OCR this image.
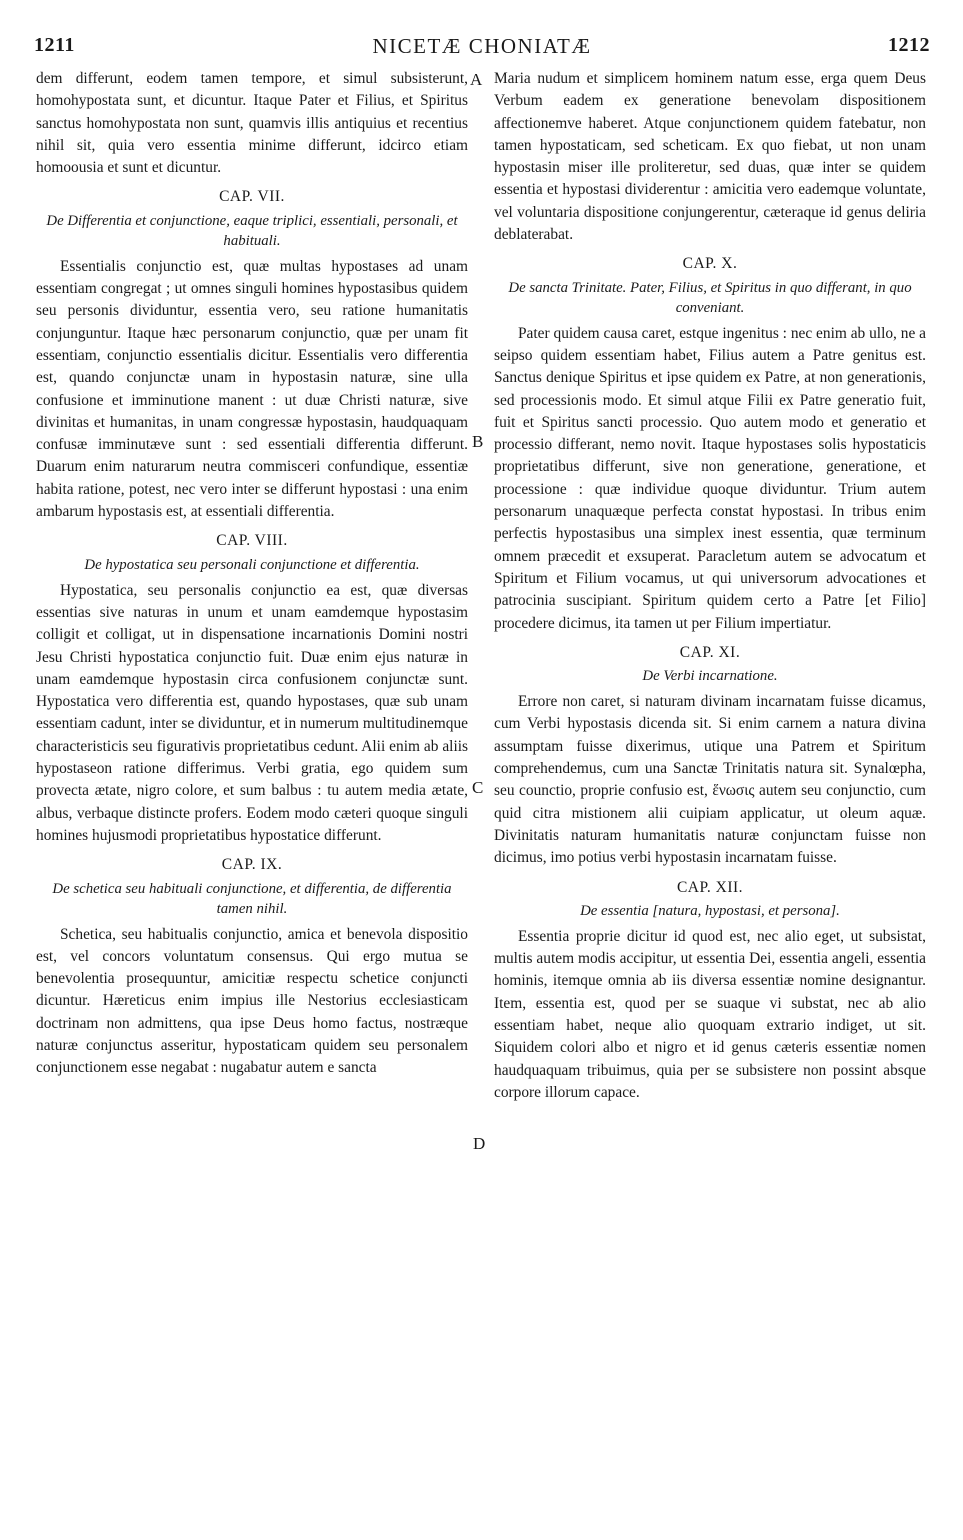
1211	NICETÆ CHONIATÆ	1212
A
B
C
D

dem differunt, eodem tamen tempore, et simul subsisterunt, homohypostata sunt, et dicuntur. Itaque Pater et Filius, et Spiritus sanctus homohypostata non sunt, quamvis illis antiquius et recentius nihil sit, quia vero essentia minime differunt, idcirco etiam homoousia et sunt et dicuntur.

CAP. VII.
De Differentia et conjunctione, eaque triplici, essentiali, personali, et habituali.

Essentialis conjunctio est, quæ multas hypostases ad unam essentiam congregat ; ut omnes singuli homines hypostasibus quidem seu personis dividuntur, essentia vero, seu ratione humanitatis conjunguntur. Itaque hæc personarum conjunctio, quæ per unam fit essentiam, conjunctio essentialis dicitur. Essentialis vero differentia est, quando conjunctæ unam in hypostasin naturæ, sine ulla confusione et imminutione manent : ut duæ Christi naturæ, sive divinitas et humanitas, in unam congressæ hypostasin, haudquaquam confusæ imminutæve sunt : sed essentiali differentia differunt. Duarum enim naturarum neutra commisceri confundique, essentiæ habita ratione, potest, nec vero inter se differunt hypostasi : una enim ambarum hypostasis est, at essentiali differentia.

CAP. VIII.
De hypostatica seu personali conjunctione et differentia.

Hypostatica, seu personalis conjunctio ea est, quæ diversas essentias sive naturas in unum et unam eamdemque hypostasim colligit et colligat, ut in dispensatione incarnationis Domini nostri Jesu Christi hypostatica conjunctio fuit. Duæ enim ejus naturæ in unam eamdemque hypostasin circa confusionem conjunctæ sunt. Hypostatica vero differentia est, quando hypostases, quæ sub unam essentiam cadunt, inter se dividuntur, et in numerum multitudinemque characteristicis seu figurativis proprietatibus cedunt. Alii enim ab aliis hypostaseon ratione differimus. Verbi gratia, ego quidem sum provecta ætate, nigro colore, et sum balbus : tu autem media ætate, albus, verbaque distincte profers. Eodem modo cæteri quoque singuli homines hujusmodi proprietatibus hypostatice differunt.

CAP. IX.
De schetica seu habituali conjunctione, et differentia, de differentia tamen nihil.

Schetica, seu habitualis conjunctio, amica et benevola dispositio est, vel concors voluntatum consensus. Qui ergo mutua se benevolentia prosequuntur, amicitiæ respectu schetice conjuncti dicuntur. Hæreticus enim impius ille Nestorius ecclesiasticam doctrinam non admittens, qua ipse Deus homo factus, nostræque naturæ conjunctus asseritur, hypostaticam quidem seu personalem conjunctionem esse negabat : nugabatur autem e sancta

Maria nudum et simplicem hominem natum esse, erga quem Deus Verbum eadem ex generatione benevolam dispositionem affectionemve haberet. Atque conjunctionem quidem fatebatur, non tamen hypostaticam, sed scheticam. Ex quo fiebat, ut non unam hypostasin miser ille proliteretur, sed duas, quæ inter se quidem essentia et hypostasi dividerentur : amicitia vero eademque voluntate, vel voluntaria dispositione conjungerentur, cæteraque id genus deliria deblaterabat.

CAP. X.
De sancta Trinitate. Pater, Filius, et Spiritus in quo differant, in quo conveniant.

Pater quidem causa caret, estque ingenitus : nec enim ab ullo, ne a seipso quidem essentiam habet, Filius autem a Patre genitus est. Sanctus denique Spiritus et ipse quidem ex Patre, at non generationis, sed processionis modo. Et simul atque Filii ex Patre generatio fuit, fuit et Spiritus sancti processio. Quo autem modo et generatio et processio differant, nemo novit. Itaque hypostases solis hypostaticis proprietatibus differunt, sive non generatione, generatione, et processione : quæ individue quoque dividuntur. Trium autem personarum unaquæque perfecta constat hypostasi. In tribus enim perfectis hypostasibus una simplex inest essentia, quæ terminum omnem præcedit et exsuperat. Paracletum autem se advocatum et Spiritum et Filium vocamus, ut qui universorum advocationes et patrocinia suscipiant. Spiritum quidem certo a Patre [et Filio] procedere dicimus, ita tamen ut per Filium impertiatur.

CAP. XI.
De Verbi incarnatione.

Errore non caret, si naturam divinam incarnatam fuisse dicamus, cum Verbi hypostasis dicenda sit. Si enim carnem a natura divina assumptam fuisse dixerimus, utique una Patrem et Spiritum comprehendemus, cum una Sanctæ Trinitatis natura sit. Synalœpha, seu counctio, proprie confusio est, ἕνωσις autem seu conjunctio, cum quid citra mistionem alii cuipiam applicatur, ut oleum aquæ. Divinitatis naturam humanitatis naturæ conjunctam fuisse non dicimus, imo potius verbi hypostasin incarnatam fuisse.

CAP. XII.
De essentia [natura, hypostasi, et persona].

Essentia proprie dicitur id quod est, nec alio eget, ut subsistat, multis autem modis accipitur, ut essentia Dei, essentia angeli, essentia hominis, itemque omnia ab iis diversa essentiæ nomine designantur. Item, essentia est, quod per se suaque vi substat, nec ab alio essentiam habet, neque alio quoquam extrario indiget, ut sit. Siquidem colori albo et nigro et id genus cæteris essentiæ nomen haudquaquam tribuimus, quia per se subsistere non possint absque corpore illorum capace.
